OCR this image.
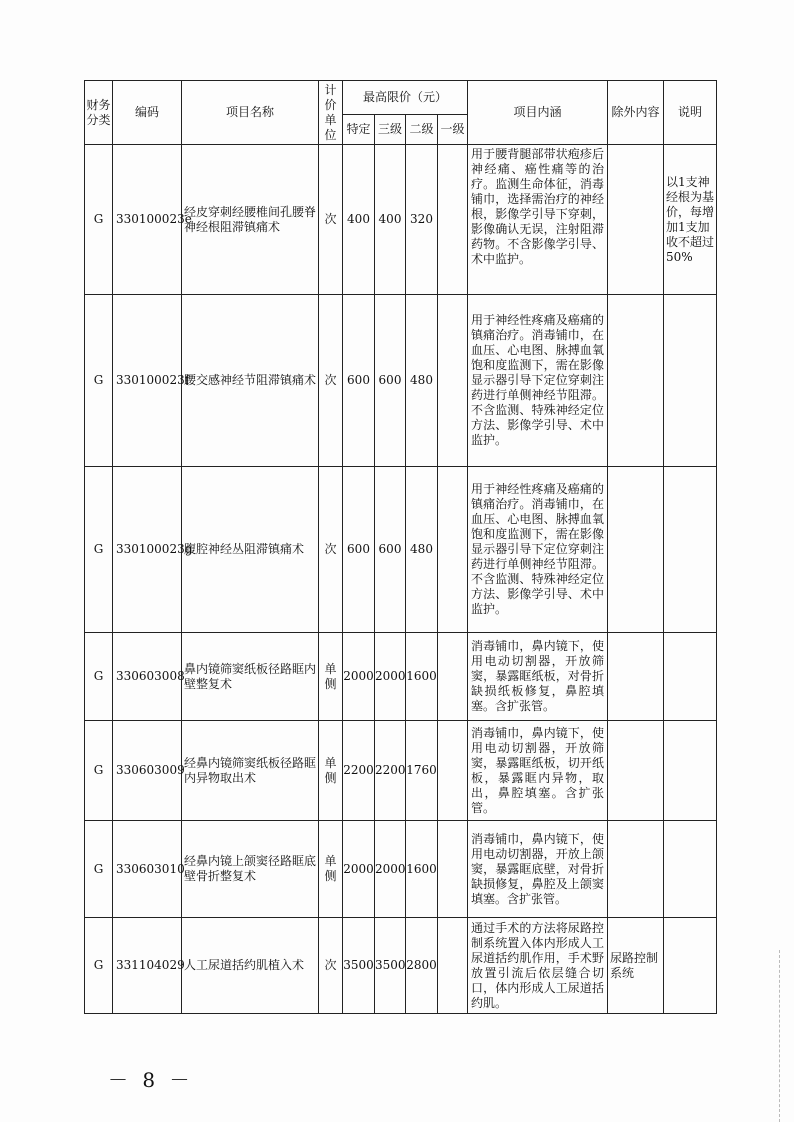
财务分类	编码	项目名称	计价单位	最高限价（元）				项目内涵	除外内容	说明
				特定	三级	二级	一级			
G	330100023e	经皮穿刺经腰椎间孔腰脊神经根阻滞镇痛术	次	400	400	320		用于腰背腿部带状疱疹后神经痛、癌性痛等的治疗。监测生命体征，消毒铺巾，选择需治疗的神经根，影像学引导下穿刺，影像确认无误，注射阻滞药物。不含影像学引导、术中监护。		以1支神经根为基价，每增加1支加收不超过50%
G	330100023f	腰交感神经节阻滞镇痛术	次	600	600	480		用于神经性疼痛及癌痛的镇痛治疗。消毒铺巾，在血压、心电图、脉搏血氧饱和度监测下，需在影像显示器引导下定位穿刺注药进行单侧神经节阻滞。不含监测、特殊神经定位方法、影像学引导、术中监护。		
G	330100023g	腹腔神经丛阻滞镇痛术	次	600	600	480		用于神经性疼痛及癌痛的镇痛治疗。消毒铺巾，在血压、心电图、脉搏血氧饱和度监测下，需在影像显示器引导下定位穿刺注药进行单侧神经节阻滞。不含监测、特殊神经定位方法、影像学引导、术中监护。		
G	330603008	鼻内镜筛窦纸板径路眶内壁整复术	单侧	2000	2000	1600		消毒铺巾，鼻内镜下，使用电动切割器，开放筛窦，暴露眶纸板，对骨折缺损纸板修复，鼻腔填塞。含扩张管。		
G	330603009	经鼻内镜筛窦纸板径路眶内异物取出术	单侧	2200	2200	1760		消毒铺巾，鼻内镜下，使用电动切割器，开放筛窦，暴露眶纸板，切开纸板，暴露眶内异物，取出，鼻腔填塞。含扩张管。		
G	330603010	经鼻内镜上颌窦径路眶底壁骨折整复术	单侧	2000	2000	1600		消毒铺巾，鼻内镜下，使用电动切割器，开放上颌窦，暴露眶底壁，对骨折缺损修复，鼻腔及上颌窦填塞。含扩张管。		
G	331104029	人工尿道括约肌植入术	次	3500	3500	2800		通过手术的方法将尿路控制系统置入体内形成人工尿道括约肌作用，手术野放置引流后依层缝合切口，体内形成人工尿道括约肌。	尿路控制系统	
－ 8 －
